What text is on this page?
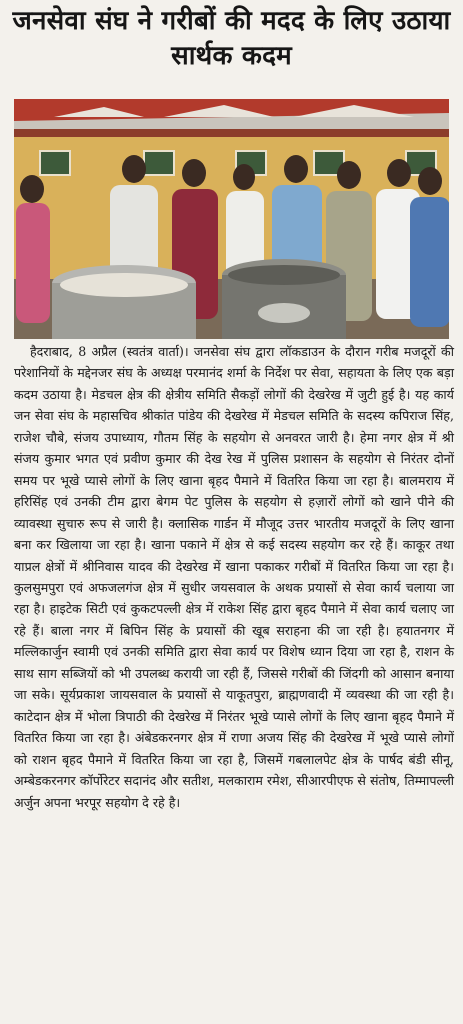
जनसेवा संघ ने गरीबों की मदद के लिए उठाया सार्थक कदम

हैदराबाद, 8 अप्रैल (स्वतंत्र वार्ता)। जनसेवा संघ द्वारा लॉकडाउन के दौरान गरीब मजदूरों की परेशानियों के मद्देनजर संघ के अध्यक्ष परमानंद शर्मा के निर्देश पर सेवा, सहायता के लिए एक बड़ा कदम उठाया है। मेडचल क्षेत्र की क्षेत्रीय समिति सैकड़ों लोगों की देखरेख में जुटी हुई है। यह कार्य जन सेवा संघ के महासचिव श्रीकांत पांडेय की देखरेख में मेडचल समिति के सदस्य कपिराज सिंह, राजेश चौबे, संजय उपाध्याय, गौतम सिंह के सहयोग से अनवरत जारी है। हेमा नगर क्षेत्र में श्री संजय कुमार भगत एवं प्रवीण कुमार की देख रेख में पुलिस प्रशासन के सहयोग से निरंतर दोनों समय पर भूखे प्यासे लोगों के लिए खाना बृहद पैमाने में वितरित किया जा रहा है। बालमराय में हरिसिंह एवं उनकी टीम द्वारा बेगम पेट पुलिस के सहयोग से हज़ारों लोगों को खाने पीने की व्यावस्था सुचारु रूप से जारी है। क्लासिक गार्डन में मौजूद उत्तर भारतीय मजदूरों के लिए खाना बना कर खिलाया जा रहा है। खाना पकाने में क्षेत्र से कई सदस्य सहयोग कर रहे हैं। काकूर तथा याप्रल क्षेत्रों में श्रीनिवास यादव की देखरेख में खाना पकाकर गरीबों में वितरित किया जा रहा है। कुलसुमपुरा एवं अफजलगंज क्षेत्र में सुधीर जयसवाल के अथक प्रयासों से सेवा कार्य चलाया जा रहा है। हाइटेक सिटी एवं कुकटपल्ली क्षेत्र में राकेश सिंह द्वारा बृहद पैमाने में सेवा कार्य चलाए जा रहे हैं। बाला नगर में बिपिन सिंह के प्रयासों की खूब सराहना की जा रही है। हयातनगर में मल्लिकार्जुन स्वामी एवं उनकी समिति द्वारा सेवा कार्य पर विशेष ध्यान दिया जा रहा है, राशन के साथ साग सब्जियों को भी उपलब्ध करायी जा रही हैं, जिससे गरीबों की जिंदगी को आसान बनाया जा सके। सूर्यप्रकाश जायसवाल के प्रयासों से याकूतपुरा, ब्राह्मणवादी में व्यवस्था की जा रही है। काटेदान क्षेत्र में भोला त्रिपाठी की देखरेख में निरंतर भूखे प्यासे लोगों के लिए खाना बृहद पैमाने में वितरित किया जा रहा है। अंबेडकरनगर क्षेत्र में राणा अजय सिंह की देखरेख में भूखे प्यासे लोगों को राशन बृहद पैमाने में वितरित किया जा रहा है, जिसमें गबलालपेट क्षेत्र के पार्षद बंडी सीनू, अम्बेडकरनगर कॉर्पोरेटर सदानंद और सतीश, मलकाराम रमेश, सीआरपीएफ से संतोष, तिम्मापल्ली अर्जुन अपना भरपूर सहयोग दे रहे है।
